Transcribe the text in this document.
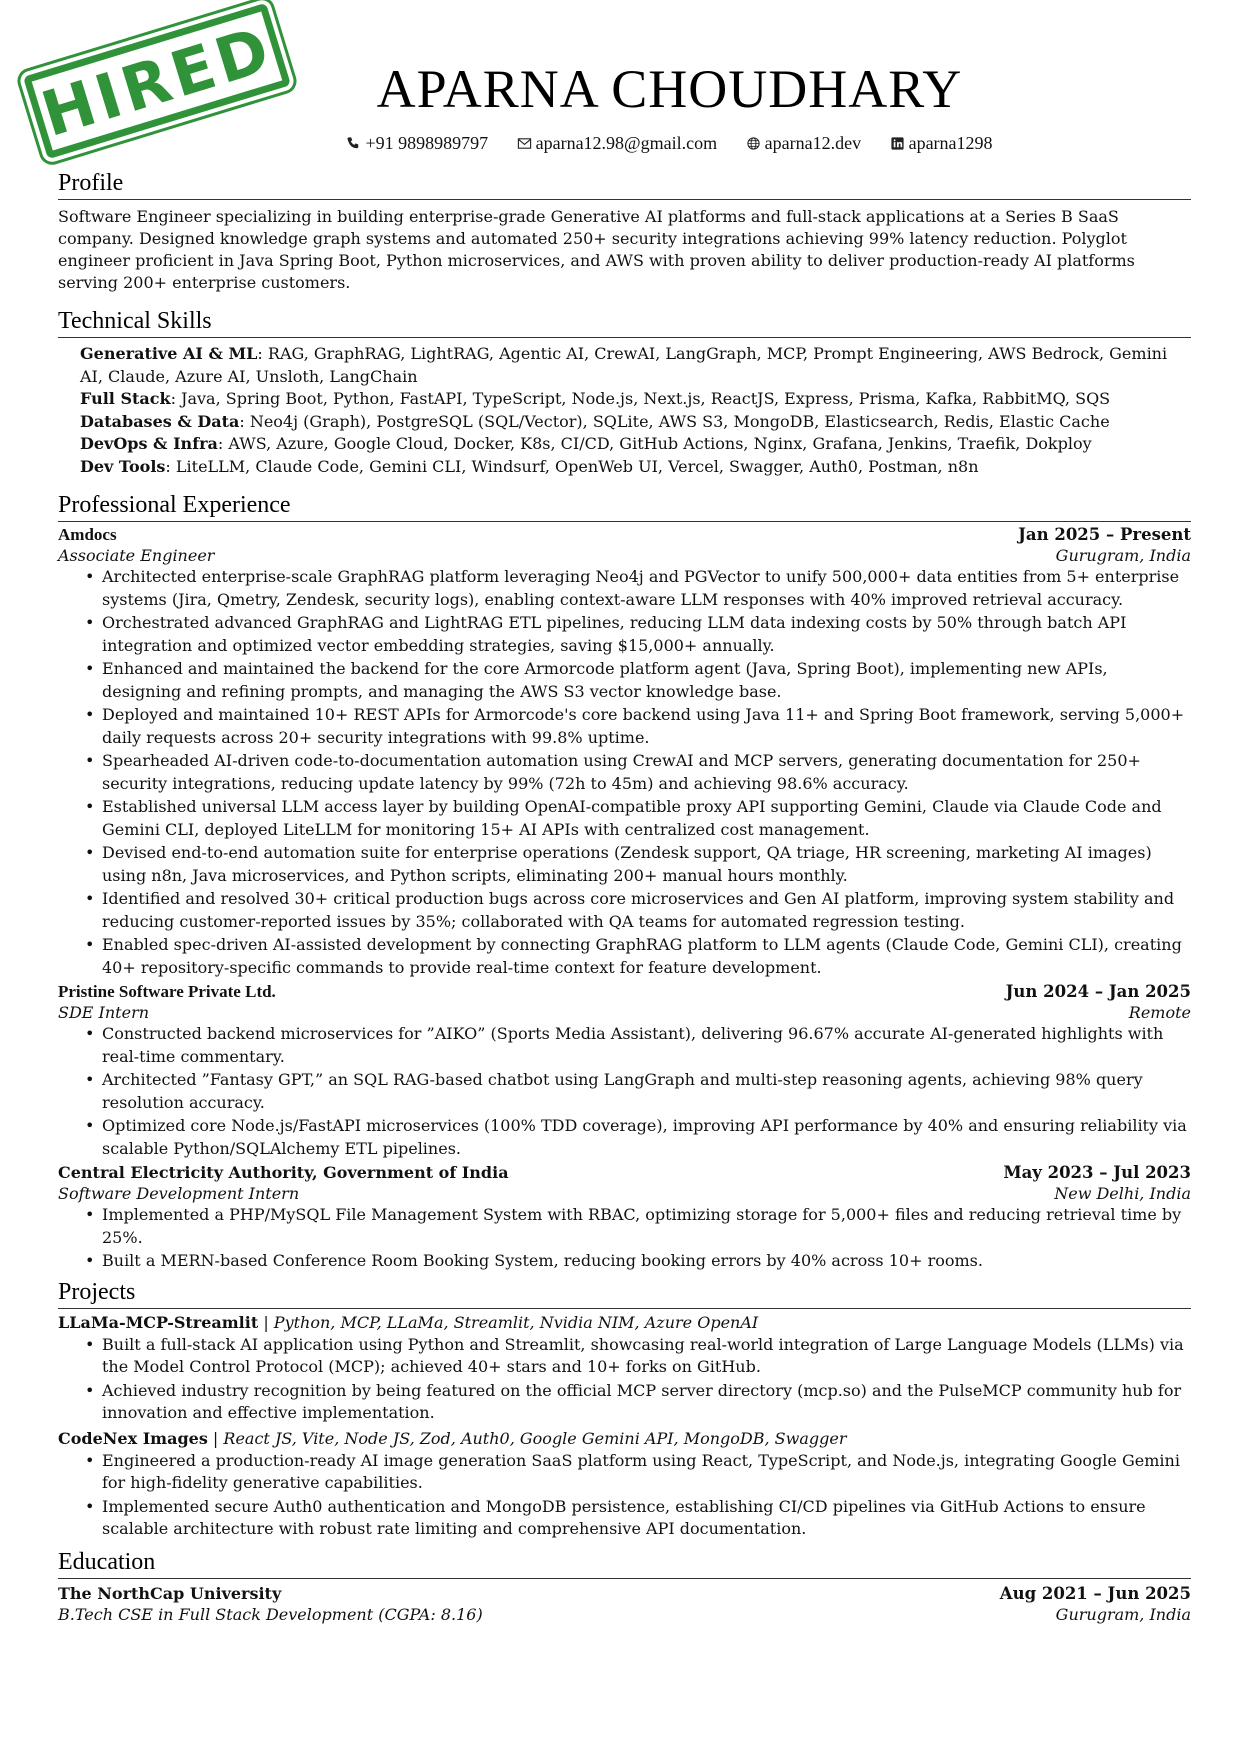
HIRED	APARNA CHOUDHARY
+91 9898989797
	aparna12.98@gmail.com
	aparna12.dev
	aparna1298
Profile

Software Engineer specializing in building enterprise-grade Generative AI platforms and full-stack applications at a Series B SaaS company. Designed knowledge graph systems and automated 250+ security integrations achieving 99% latency reduction. Polyglot engineer proficient in Java Spring Boot, Python microservices, and AWS with proven ability to deliver production-ready AI platforms serving 200+ enterprise customers.

Technical Skills
Generative AI & ML: RAG, GraphRAG, LightRAG, Agentic AI, CrewAI, LangGraph, MCP, Prompt Engineering, AWS Bedrock, Gemini AI, Claude, Azure AI, Unsloth, LangChain
Full Stack: Java, Spring Boot, Python, FastAPI, TypeScript, Node.js, Next.js, ReactJS, Express, Prisma, Kafka, RabbitMQ, SQS
Databases & Data: Neo4j (Graph), PostgreSQL (SQL/Vector), SQLite, AWS S3, MongoDB, Elasticsearch, Redis, Elastic Cache
DevOps & Infra: AWS, Azure, Google Cloud, Docker, K8s, CI/CD, GitHub Actions, Nginx, Grafana, Jenkins, Traefik, Dokploy
Dev Tools: LiteLLM, Claude Code, Gemini CLI, Windsurf, OpenWeb UI, Vercel, Swagger, Auth0, Postman, n8n
Professional Experience
Amdocs	Jan 2025 – Present
Associate Engineer	Gurugram, India
• Architected enterprise-scale GraphRAG platform leveraging Neo4j and PGVector to unify 500,000+ data entities from 5+ enterprise systems (Jira, Qmetry, Zendesk, security logs), enabling context-aware LLM responses with 40% improved retrieval accuracy.
• Orchestrated advanced GraphRAG and LightRAG ETL pipelines, reducing LLM data indexing costs by 50% through batch API integration and optimized vector embedding strategies, saving $15,000+ annually.
• Enhanced and maintained the backend for the core Armorcode platform agent (Java, Spring Boot), implementing new APIs, designing and refining prompts, and managing the AWS S3 vector knowledge base.
• Deployed and maintained 10+ REST APIs for Armorcode's core backend using Java 11+ and Spring Boot framework, serving 5,000+ daily requests across 20+ security integrations with 99.8% uptime.
• Spearheaded AI-driven code-to-documentation automation using CrewAI and MCP servers, generating documentation for 250+ security integrations, reducing update latency by 99% (72h to 45m) and achieving 98.6% accuracy.
• Established universal LLM access layer by building OpenAI-compatible proxy API supporting Gemini, Claude via Claude Code and Gemini CLI, deployed LiteLLM for monitoring 15+ AI APIs with centralized cost management.
• Devised end-to-end automation suite for enterprise operations (Zendesk support, QA triage, HR screening, marketing AI images) using n8n, Java microservices, and Python scripts, eliminating 200+ manual hours monthly.
• Identified and resolved 30+ critical production bugs across core microservices and Gen AI platform, improving system stability and reducing customer-reported issues by 35%; collaborated with QA teams for automated regression testing.
• Enabled spec-driven AI-assisted development by connecting GraphRAG platform to LLM agents (Claude Code, Gemini CLI), creating 40+ repository-specific commands to provide real-time context for feature development.
Pristine Software Private Ltd.	Jun 2024 – Jan 2025
SDE Intern	Remote
• Constructed backend microservices for ”AIKO” (Sports Media Assistant), delivering 96.67% accurate AI-generated highlights with real-time commentary.
• Architected ”Fantasy GPT,” an SQL RAG-based chatbot using LangGraph and multi-step reasoning agents, achieving 98% query resolution accuracy.
• Optimized core Node.js/FastAPI microservices (100% TDD coverage), improving API performance by 40% and ensuring reliability via scalable Python/SQLAlchemy ETL pipelines.
Central Electricity Authority, Government of India	May 2023 – Jul 2023
Software Development Intern	New Delhi, India
• Implemented a PHP/MySQL File Management System with RBAC, optimizing storage for 5,000+ files and reducing retrieval time by 25%.
• Built a MERN-based Conference Room Booking System, reducing booking errors by 40% across 10+ rooms.
Projects
LLaMa-MCP-Streamlit | Python, MCP, LLaMa, Streamlit, Nvidia NIM, Azure OpenAI
• Built a full-stack AI application using Python and Streamlit, showcasing real-world integration of Large Language Models (LLMs) via the Model Control Protocol (MCP); achieved 40+ stars and 10+ forks on GitHub.
• Achieved industry recognition by being featured on the official MCP server directory (mcp.so) and the PulseMCP community hub for innovation and effective implementation.
CodeNex Images | React JS, Vite, Node JS, Zod, Auth0, Google Gemini API, MongoDB, Swagger
• Engineered a production-ready AI image generation SaaS platform using React, TypeScript, and Node.js, integrating Google Gemini for high-fidelity generative capabilities.
• Implemented secure Auth0 authentication and MongoDB persistence, establishing CI/CD pipelines via GitHub Actions to ensure scalable architecture with robust rate limiting and comprehensive API documentation.
Education
The NorthCap University	Aug 2021 – Jun 2025
B.Tech CSE in Full Stack Development (CGPA: 8.16)	Gurugram, India
